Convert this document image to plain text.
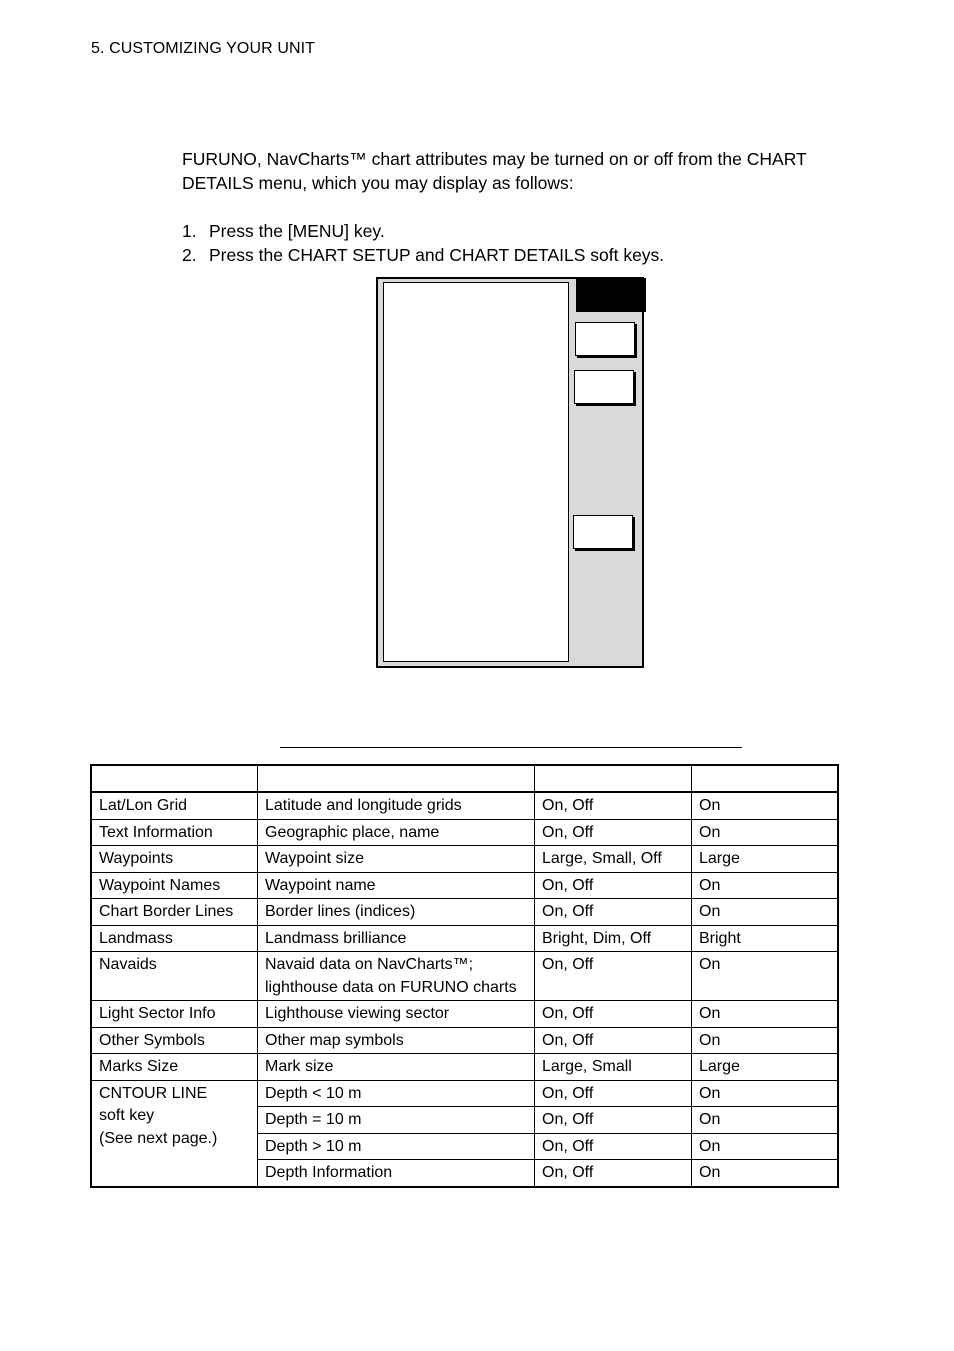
5. CUSTOMIZING YOUR UNIT
FURUNO, NavCharts™ chart attributes may be turned on or off from the CHART DETAILS menu, which you may display as follows:
1. Press the [MENU] key.
2. Press the CHART SETUP and CHART DETAILS soft keys.

Lat/Lon Grid	Latitude and longitude grids	On, Off	On
Text Information	Geographic place, name	On, Off	On
Waypoints	Waypoint size	Large, Small, Off	Large
Waypoint Names	Waypoint name	On, Off	On
Chart Border Lines	Border lines (indices)	On, Off	On
Landmass	Landmass brilliance	Bright, Dim, Off	Bright
Navaids	Navaid data on NavCharts™; lighthouse data on FURUNO charts	On, Off	On
Light Sector Info	Lighthouse viewing sector	On, Off	On
Other Symbols	Other map symbols	On, Off	On
Marks Size	Mark size	Large, Small	Large

CNTOUR LINE
soft key
(See next page.)	Depth < 10 m	On, Off	On
	Depth = 10 m	On, Off	On
	Depth > 10 m	On, Off	On
	Depth Information	On, Off	On
